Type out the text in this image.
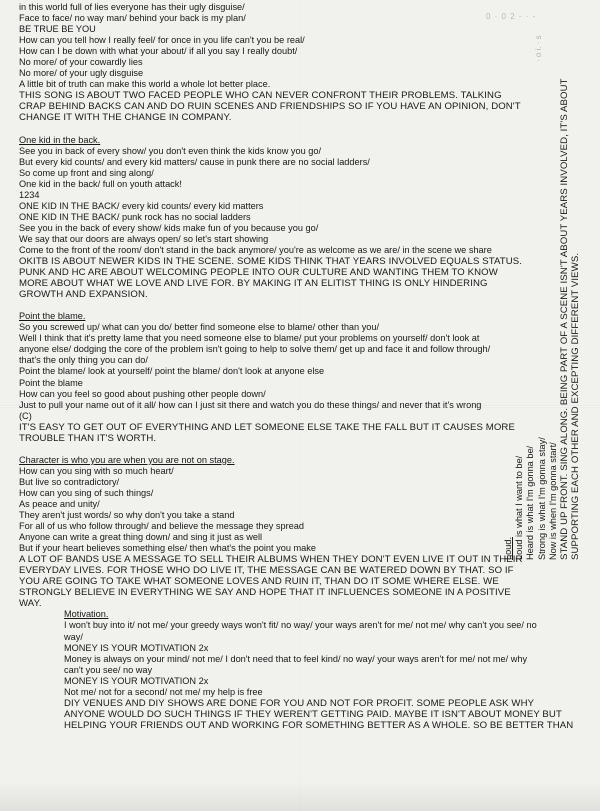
0 · 0 2 - · -
· o i. · s
in this world full of lies everyone has their ugly disguise/
Face to face/ no way man/ behind your back is my plan/
BE TRUE BE YOU
How can you tell how I really feel/ for once in you life can't you be real/
How can I be down with what your about/ if all you say I really doubt/
No more/ of your cowardly lies
No more/ of your ugly disguise
A little bit of truth can make this world a whole lot better place.
THIS SONG IS ABOUT TWO FACED PEOPLE WHO CAN NEVER CONFRONT THEIR PROBLEMS. TALKING
CRAP BEHIND BACKS CAN AND DO RUIN SCENES AND FRIENDSHIPS SO IF YOU HAVE AN OPINION, DON'T
CHANGE IT WITH THE CHANGE IN COMPANY.
One kid in the back.
See you in back of every show/ you don't even think the kids know you go/
But every kid counts/ and every kid matters/ cause in punk there are no social ladders/
So come up front and sing along/
One kid in the back/ full on youth attack!
1234
ONE KID IN THE BACK/ every kid counts/ every kid matters
ONE KID IN THE BACK/ punk rock has no social ladders
See you in the back of every show/ kids make fun of you because you go/
We say that our doors are always open/ so let's start showing
Come to the front of the room/ don't stand in the back anymore/ you're as welcome as we are/ in the scene we share
OKITB IS ABOUT NEWER KIDS IN THE SCENE. SOME KIDS THINK THAT YEARS INVOLVED EQUALS STATUS.
PUNK AND HC ARE ABOUT WELCOMING PEOPLE INTO OUR CULTURE AND WANTING THEM TO KNOW
MORE ABOUT WHAT WE LOVE AND LIVE FOR. BY MAKING IT AN ELITIST THING IS ONLY HINDERING
GROWTH AND EXPANSION.
Point the blame.
So you screwed up/ what can you do/ better find someone else to blame/ other than you/
Well I think that it's pretty lame that you need someone else to blame/ put your problems on yourself/ don't look at
anyone else/ dodging the core of the problem isn't going to help to solve them/ get up and face it and follow through/
that's the only thing you can do/
Point the blame/ look at yourself/ point the blame/ don't look at anyone else
Point the blame
How can you feel so good about pushing other people down/
Just to pull your name out of it all/ how can I just sit there and watch you do these things/ and never that it's wrong
(C)
IT'S EASY TO GET OUT OF EVERYTHING AND LET SOMEONE ELSE TAKE THE FALL BUT IT CAUSES MORE
TROUBLE THAN IT'S WORTH.
Character is who you are when you are not on stage.
How can you sing with so much heart/
But live so contradictory/
How can you sing of such things/
As peace and unity/
They aren't just words/ so why don't you take a stand
For all of us who follow through/ and believe the message they spread
Anyone can write a great thing down/ and sing it just as well
But if your heart believes something else/ then what's the point you make
A LOT OF BANDS USE A MESSAGE TO SELL THEIR ALBUMS WHEN THEY DON'T EVEN LIVE IT OUT IN THEIR
EVERYDAY LIVES. FOR THOSE WHO DO LIVE IT, THE MESSAGE CAN BE WATERED DOWN BY THAT. SO IF
YOU ARE GOING TO TAKE WHAT SOMEONE LOVES AND RUIN IT, THAN DO IT SOME WHERE ELSE. WE
STRONGLY BELIEVE IN EVERYTHING WE SAY AND HOPE THAT IT INFLUENCES SOMEONE IN A POSITIVE
WAY.
Motivation.
I won't buy into it/ not me/ your greedy ways won't fit/ no way/ your ways aren't for me/ not me/ why can't you see/ no
way/
MONEY IS YOUR MOTIVATION 2x
Money is always on your mind/ not me/ I don't need that to feel kind/ no way/ your ways aren't for me/ not me/ why
can't you see/ no way
MONEY IS YOUR MOTIVATION 2x
Not me/ not for a second/ not me/ my help is free
DIY VENUES AND DIY SHOWS ARE DONE FOR YOU AND NOT FOR PROFIT. SOME PEOPLE ASK WHY
ANYONE WOULD DO SUCH THINGS IF THEY WEREN'T GETTING PAID. MAYBE IT ISN'T ABOUT MONEY BUT
HELPING YOUR FRIENDS OUT AND WORKING FOR SOMETHING BETTER AS A WHOLE. SO BE BETTER THAN
Loud. Loud is what I want to be/ Heard is what I'm gonna be/ Strong is what I'm gonna stay/ Now is when I'm gonna start/ STAND UP FRONT. SING ALONG. BEING PART OF A SCENE ISN'T ABOUT YEARS INVOLVED, IT'S ABOUT SUPPORTING EACH OTHER AND EXCEPTING DIFFERENT VIEWS.
